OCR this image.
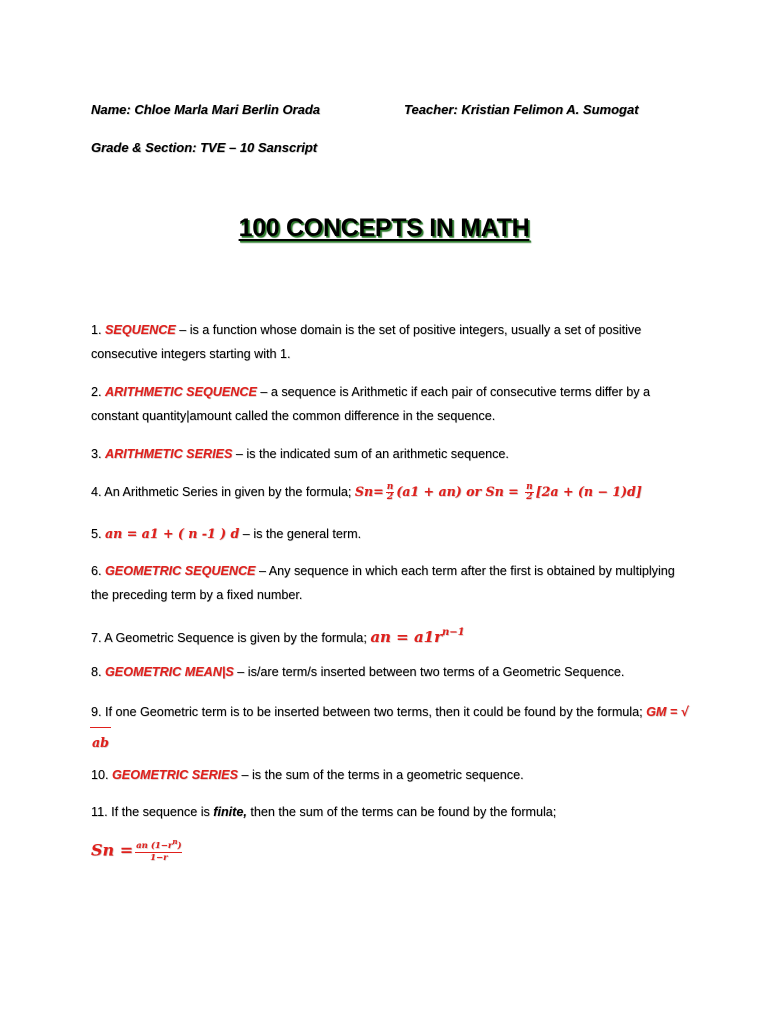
Name: Chloe Marla Mari Berlin Orada	Teacher: Kristian Felimon A. Sumogat
Grade & Section: TVE – 10 Sanscript
100 CONCEPTS IN MATH
1. SEQUENCE – is a function whose domain is the set of positive integers, usually a set of positive consecutive integers starting with 1.
2. ARITHMETIC SEQUENCE – a sequence is Arithmetic if each pair of consecutive terms differ by a constant quantity|amount called the common difference in the sequence.
3. ARITHMETIC SERIES – is the indicated sum of an arithmetic sequence.
4. An Arithmetic Series in given by the formula; $Sn= \frac{n}{2} (a1 + an)$ or $Sn = \frac{n}{2} [2a + (n - 1)d]$
5. an = a1 + ( n -1 ) d – is the general term.
6. GEOMETRIC SEQUENCE – Any sequence in which each term after the first is obtained by multiplying the preceding term by a fixed number.
7. A Geometric Sequence is given by the formula; an = $a1r^{n-1}$
8. GEOMETRIC MEAN|S – is/are term/s inserted between two terms of a Geometric Sequence.
9. If one Geometric term is to be inserted between two terms, then it could be found by the formula; GM = √ab
10. GEOMETRIC SERIES – is the sum of the terms in a geometric sequence.
11. If the sequence is finite, then the sum of the terms can be found by the formula;
$Sn = \frac{an (1-r^n)}{1-r}$
